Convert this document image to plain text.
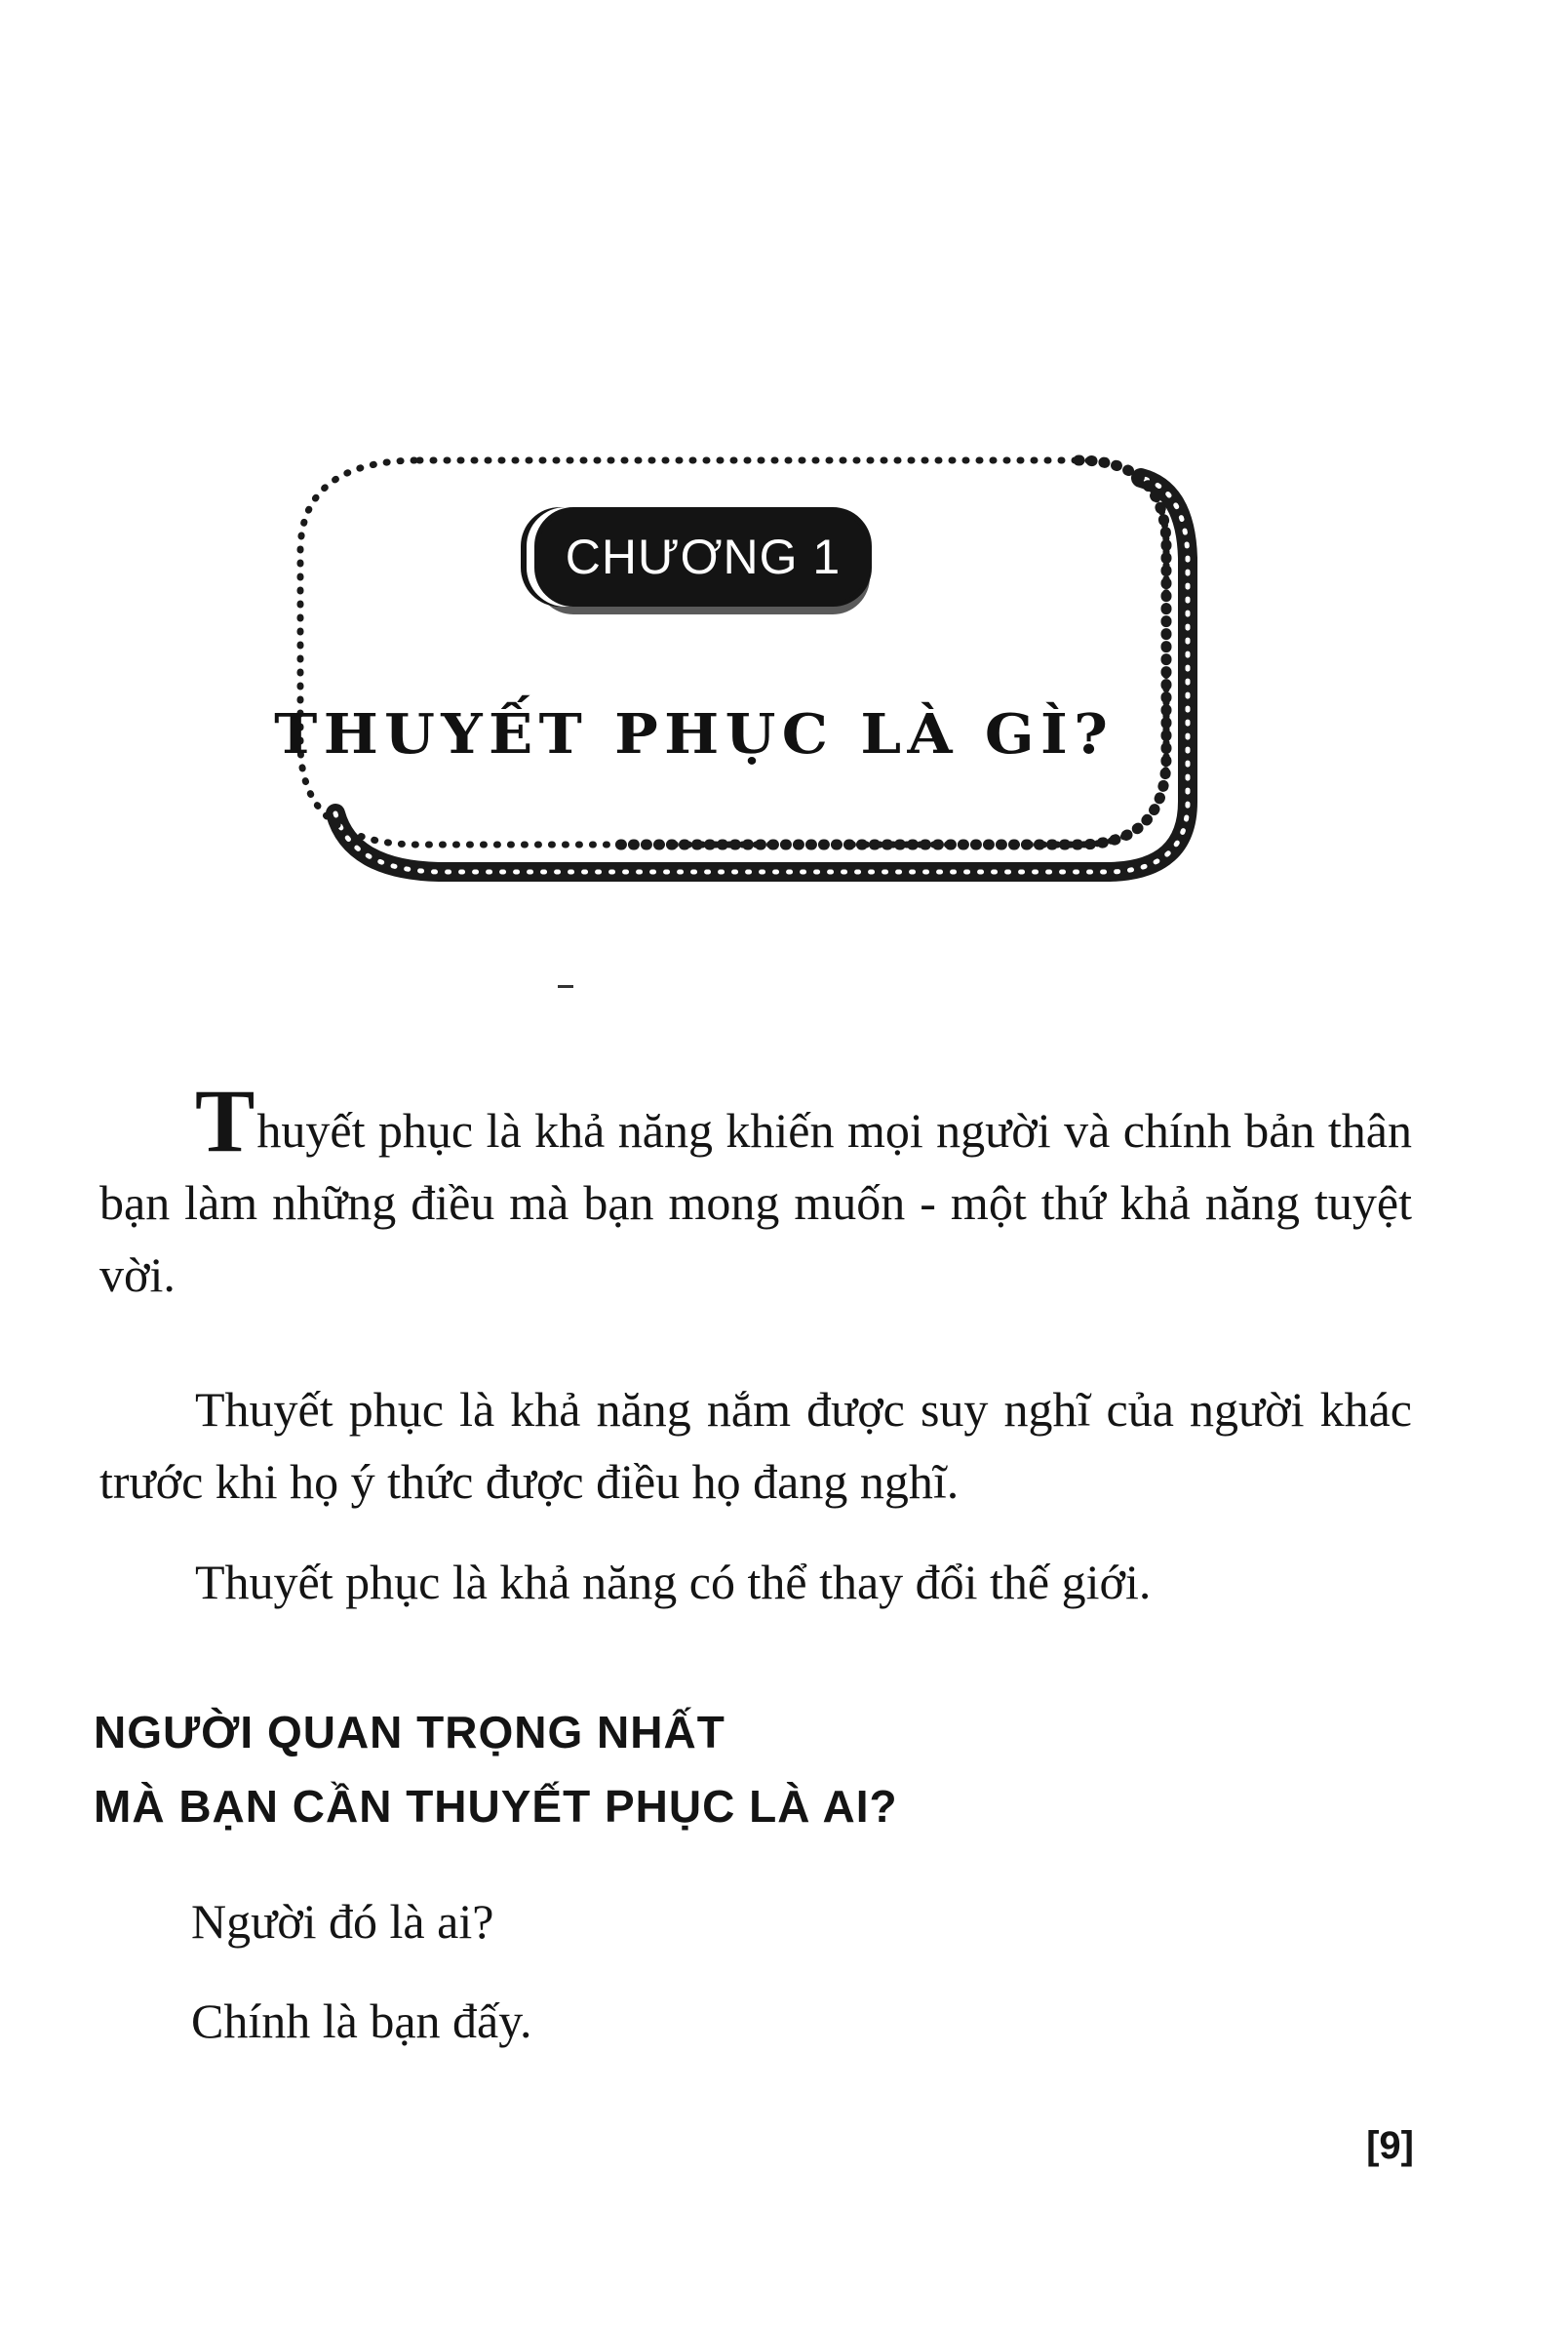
CHƯƠNG 1
THUYẾT PHỤC LÀ GÌ?
Thuyết phục là khả năng khiến mọi người và chính bản thân bạn làm những điều mà bạn mong muốn - một thứ khả năng tuyệt vời.
Thuyết phục là khả năng nắm được suy nghĩ của người khác trước khi họ ý thức được điều họ đang nghĩ.
Thuyết phục là khả năng có thể thay đổi thế giới.
NGƯỜI QUAN TRỌNG NHẤT
MÀ BẠN CẦN THUYẾT PHỤC LÀ AI?
Người đó là ai?
Chính là bạn đấy.
[9]
